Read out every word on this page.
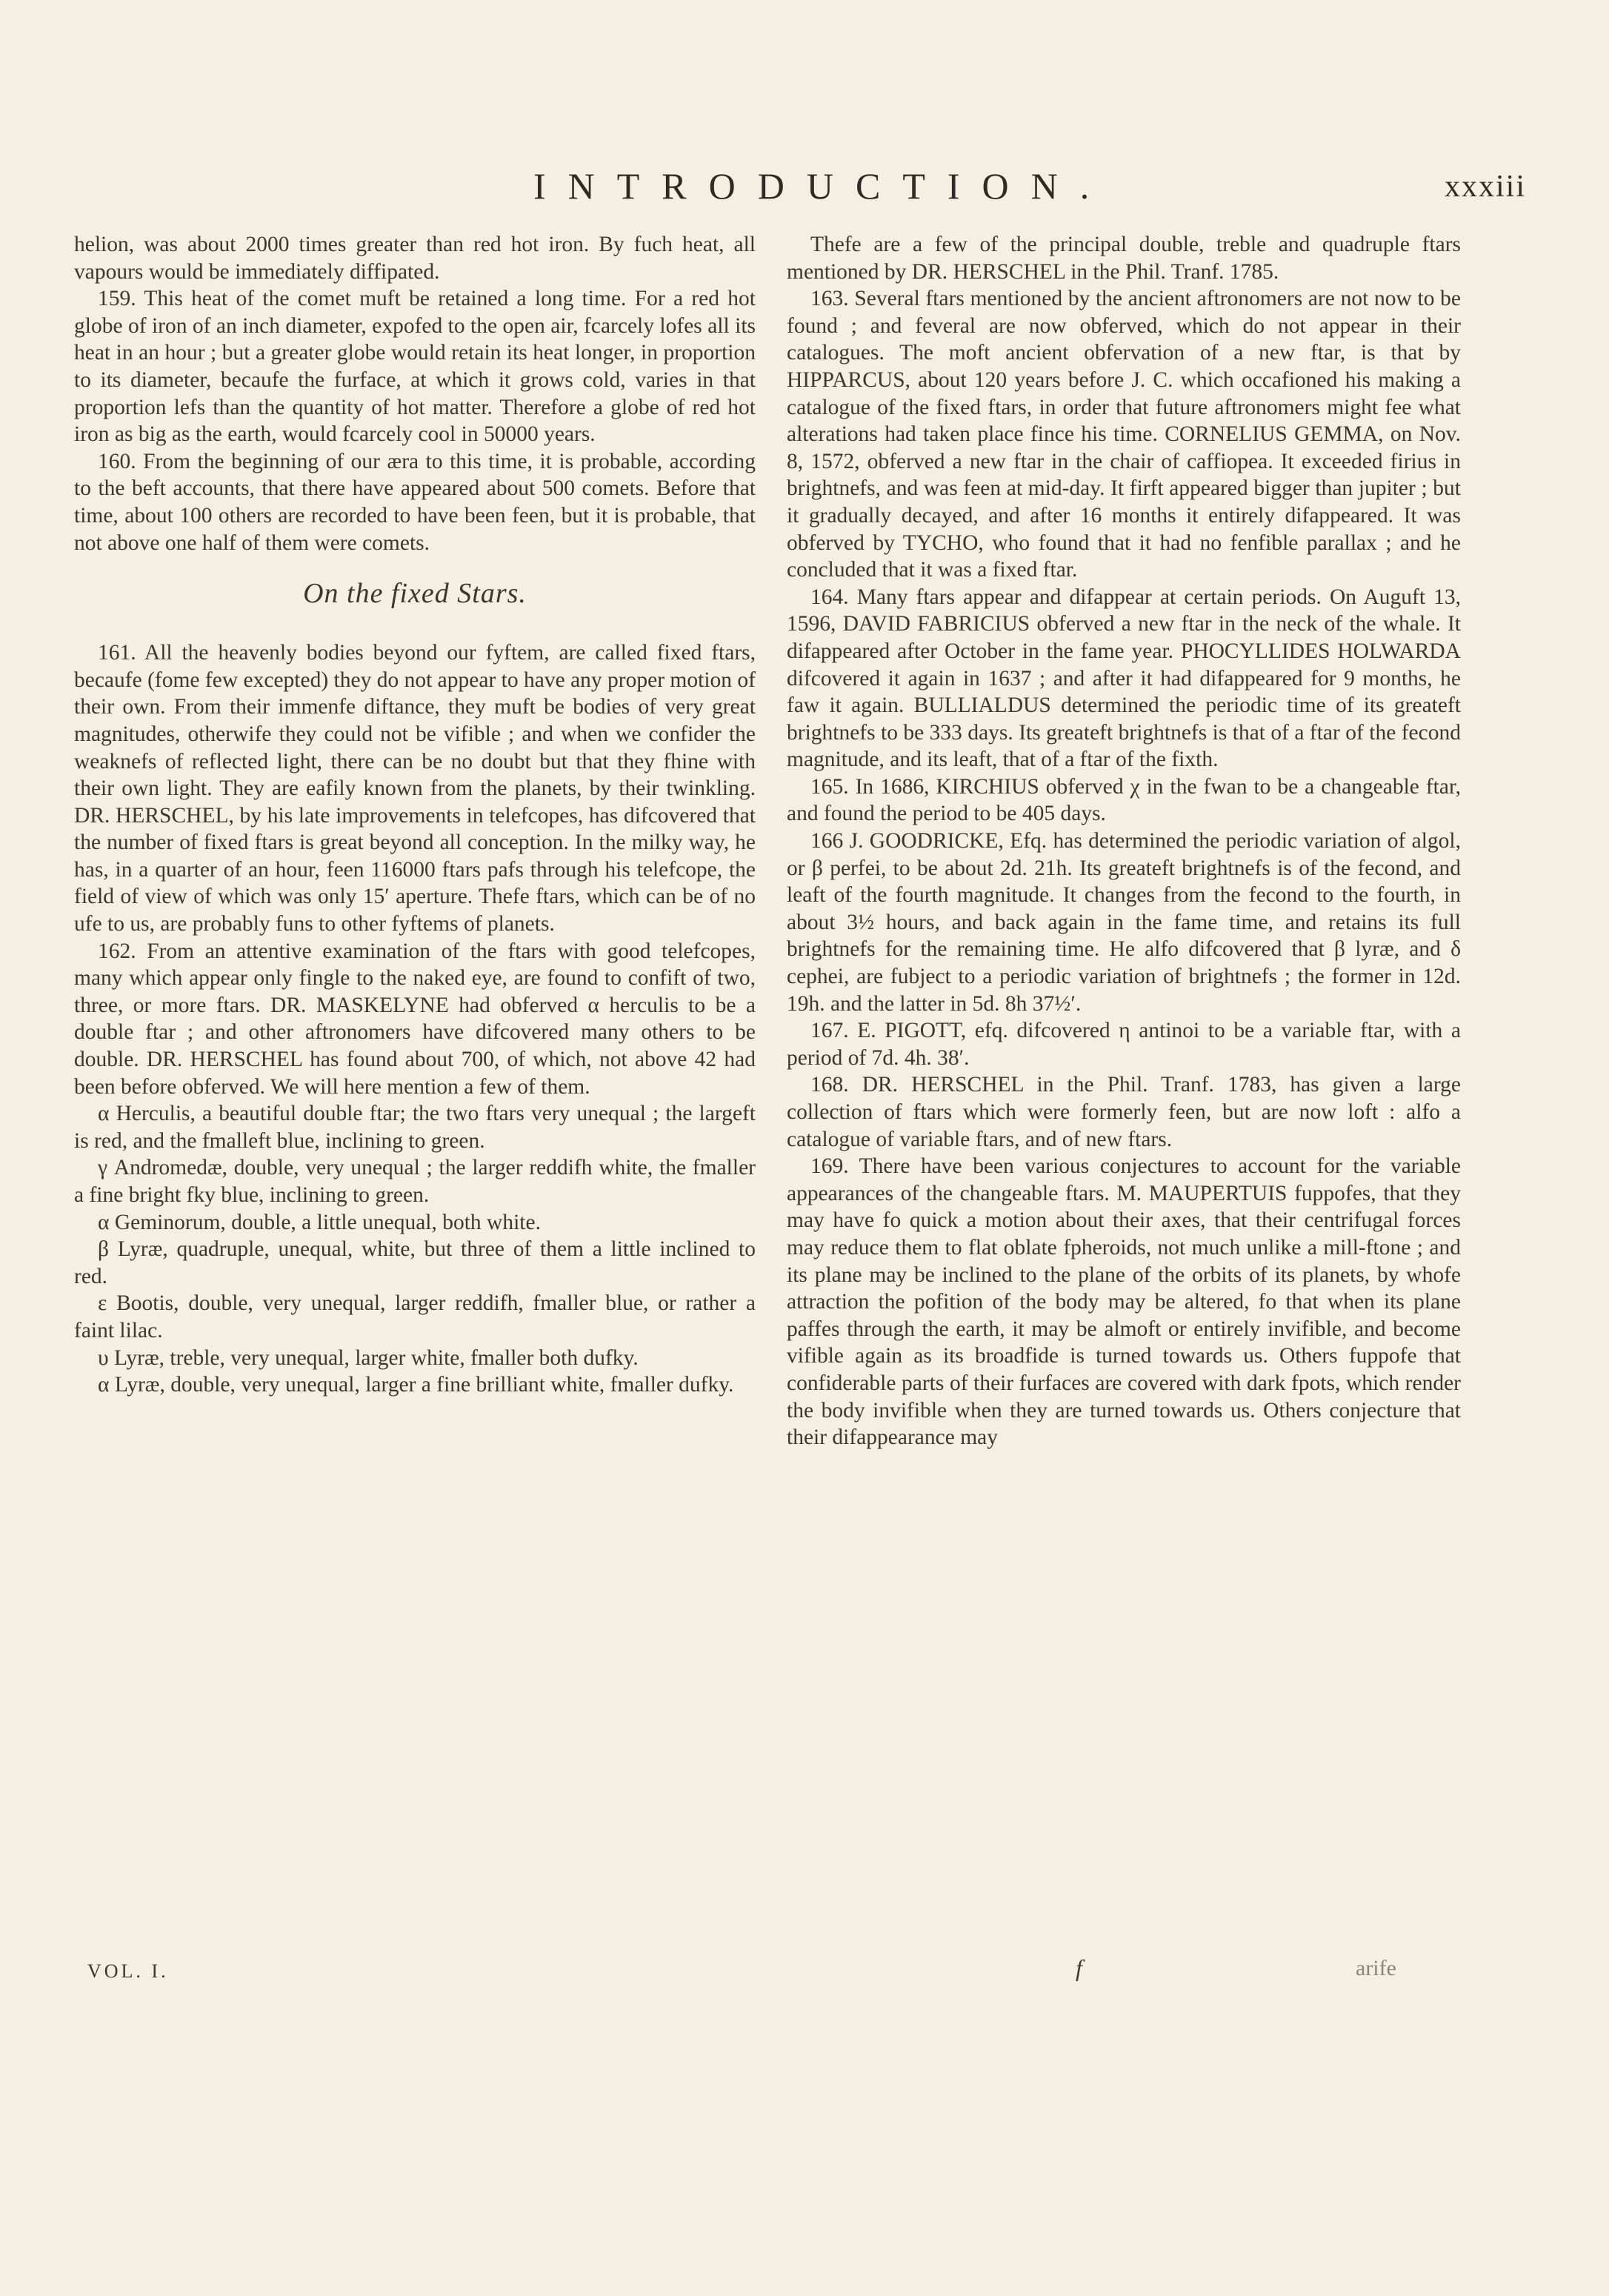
INTRODUCTION.	xxxiii

helion, was about 2000 times greater than red hot iron. By fuch heat, all vapours would be immediately diffipated.

159. This heat of the comet muft be retained a long time. For a red hot globe of iron of an inch diameter, expofed to the open air, fcarcely lofes all its heat in an hour ; but a greater globe would retain its heat longer, in proportion to its diameter, becaufe the furface, at which it grows cold, varies in that proportion lefs than the quantity of hot matter. Therefore a globe of red hot iron as big as the earth, would fcarcely cool in 50000 years.

160. From the beginning of our æra to this time, it is probable, according to the beft accounts, that there have appeared about 500 comets. Before that time, about 100 others are recorded to have been feen, but it is probable, that not above one half of them were comets.

On the fixed Stars.

161. All the heavenly bodies beyond our fyftem, are called fixed ftars, becaufe (fome few excepted) they do not appear to have any proper motion of their own. From their immenfe diftance, they muft be bodies of very great magnitudes, otherwife they could not be vifible ; and when we confider the weaknefs of reflected light, there can be no doubt but that they fhine with their own light. They are eafily known from the planets, by their twinkling. DR. HERSCHEL, by his late improvements in telefcopes, has difcovered that the number of fixed ftars is great beyond all conception. In the milky way, he has, in a quarter of an hour, feen 116000 ftars pafs through his telefcope, the field of view of which was only 15′ aperture. Thefe ftars, which can be of no ufe to us, are probably funs to other fyftems of planets.

162. From an attentive examination of the ftars with good telefcopes, many which appear only fingle to the naked eye, are found to confift of two, three, or more ftars. DR. MASKELYNE had obferved α herculis to be a double ftar ; and other aftronomers have difcovered many others to be double. DR. HERSCHEL has found about 700, of which, not above 42 had been before obferved. We will here mention a few of them.

α Herculis, a beautiful double ftar; the two ftars very unequal ; the largeft is red, and the fmalleft blue, inclining to green.

γ Andromedæ, double, very unequal ; the larger reddifh white, the fmaller a fine bright fky blue, inclining to green.

α Geminorum, double, a little unequal, both white.

β Lyræ, quadruple, unequal, white, but three of them a little inclined to red.

ε Bootis, double, very unequal, larger reddifh, fmaller blue, or rather a faint lilac.

υ Lyræ, treble, very unequal, larger white, fmaller both dufky.

α Lyræ, double, very unequal, larger a fine brilliant white, fmaller dufky.

Thefe are a few of the principal double, treble and quadruple ftars mentioned by DR. HERSCHEL in the Phil. Tranf. 1785.

163. Several ftars mentioned by the ancient aftronomers are not now to be found ; and feveral are now obferved, which do not appear in their catalogues. The moft ancient obfervation of a new ftar, is that by HIPPARCUS, about 120 years before J. C. which occafioned his making a catalogue of the fixed ftars, in order that future aftronomers might fee what alterations had taken place fince his time. CORNELIUS GEMMA, on Nov. 8, 1572, obferved a new ftar in the chair of caffiopea. It exceeded firius in brightnefs, and was feen at mid-day. It firft appeared bigger than jupiter ; but it gradually decayed, and after 16 months it entirely difappeared. It was obferved by TYCHO, who found that it had no fenfible parallax ; and he concluded that it was a fixed ftar.

164. Many ftars appear and difappear at certain periods. On Auguft 13, 1596, DAVID FABRICIUS obferved a new ftar in the neck of the whale. It difappeared after October in the fame year. PHOCYLLIDES HOLWARDA difcovered it again in 1637 ; and after it had difappeared for 9 months, he faw it again. BULLIALDUS determined the periodic time of its greateft brightnefs to be 333 days. Its greateft brightnefs is that of a ftar of the fecond magnitude, and its leaft, that of a ftar of the fixth.

165. In 1686, KIRCHIUS obferved χ in the fwan to be a changeable ftar, and found the period to be 405 days.

166 J. GOODRICKE, Efq. has determined the periodic variation of algol, or β perfei, to be about 2d. 21h. Its greateft brightnefs is of the fecond, and leaft of the fourth magnitude. It changes from the fecond to the fourth, in about 3½ hours, and back again in the fame time, and retains its full brightnefs for the remaining time. He alfo difcovered that β lyræ, and δ cephei, are fubject to a periodic variation of brightnefs ; the former in 12d. 19h. and the latter in 5d. 8h 37½′.

167. E. PIGOTT, efq. difcovered η antinoi to be a variable ftar, with a period of 7d. 4h. 38′.

168. DR. HERSCHEL in the Phil. Tranf. 1783, has given a large collection of ftars which were formerly feen, but are now loft : alfo a catalogue of variable ftars, and of new ftars.

169. There have been various conjectures to account for the variable appearances of the changeable ftars. M. MAUPERTUIS fuppofes, that they may have fo quick a motion about their axes, that their centrifugal forces may reduce them to flat oblate fpheroids, not much unlike a mill-ftone ; and its plane may be inclined to the plane of the orbits of its planets, by whofe attraction the pofition of the body may be altered, fo that when its plane paffes through the earth, it may be almoft or entirely invifible, and become vifible again as its broadfide is turned towards us. Others fuppofe that confiderable parts of their furfaces are covered with dark fpots, which render the body invifible when they are turned towards us. Others conjecture that their difappearance may

VOL. I.	f	arife
